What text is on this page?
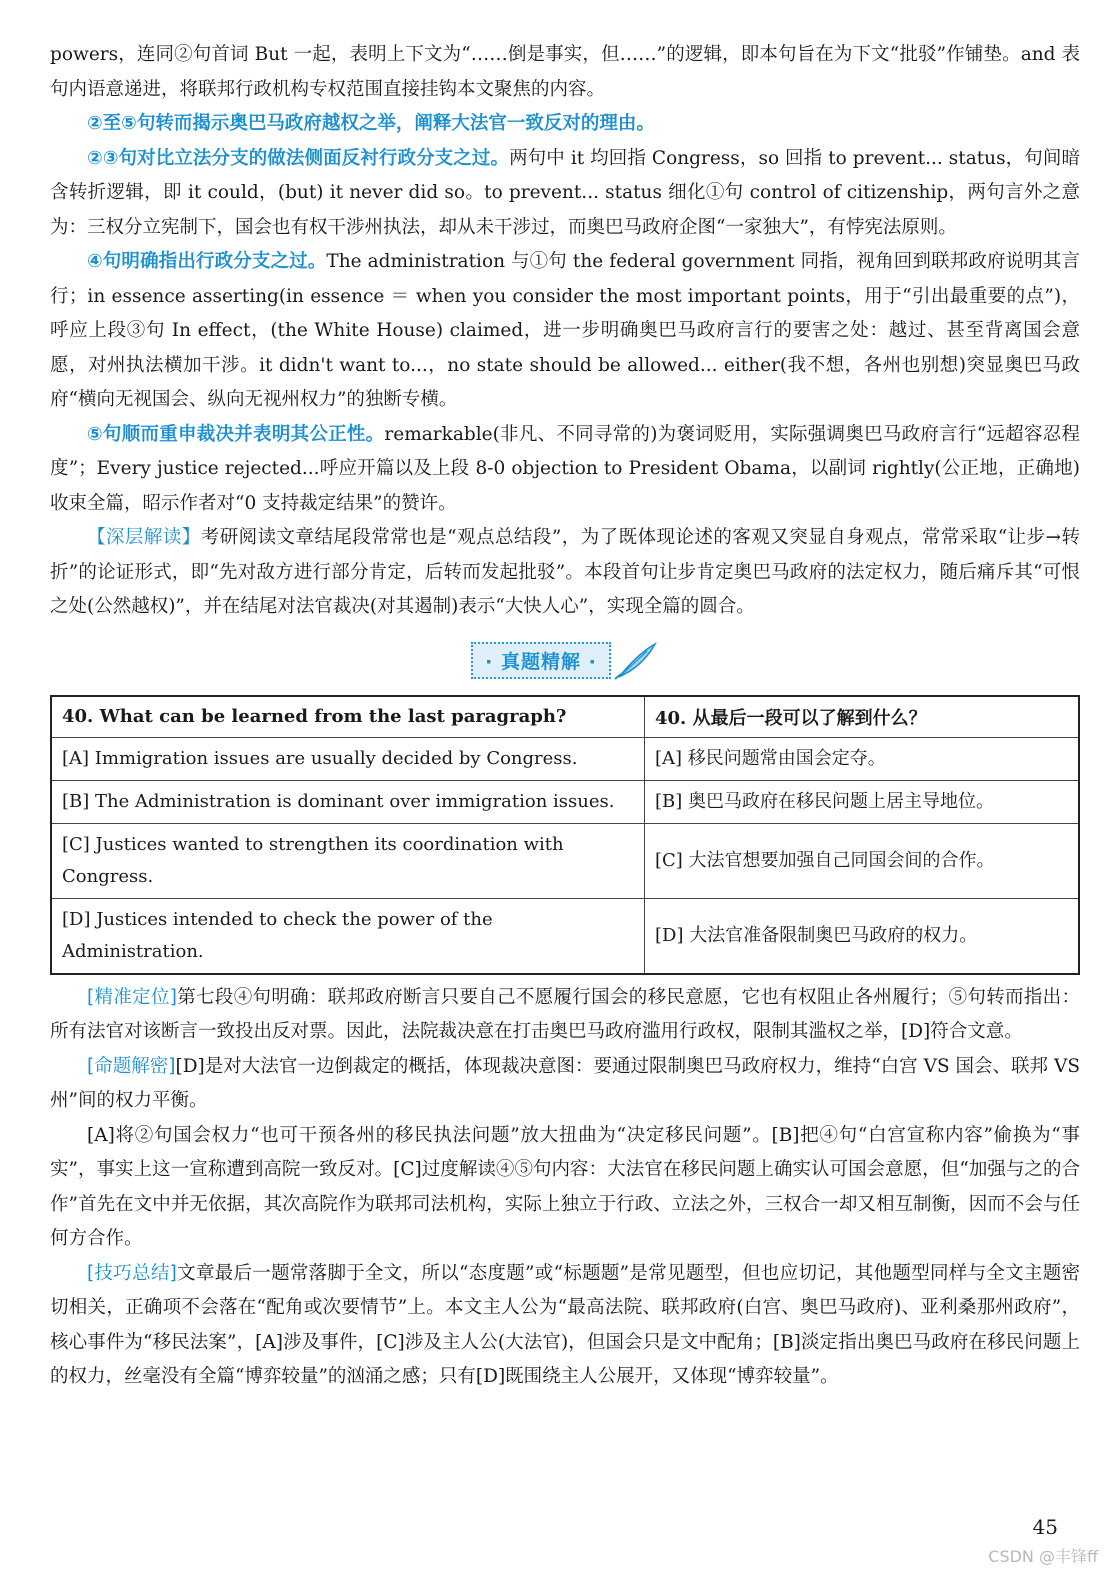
powers，连同②句首词 But 一起，表明上下文为“……倒是事实，但……”的逻辑，即本句旨在为下文“批驳”作铺垫。and 表句内语意递进，将联邦行政机构专权范围直接挂钩本文聚焦的内容。

②至⑤句转而揭示奥巴马政府越权之举，阐释大法官一致反对的理由。

②③句对比立法分支的做法侧面反衬行政分支之过。两句中 it 均回指 Congress，so 回指 to prevent... status，句间暗含转折逻辑，即 it could，(but) it never did so。to prevent... status 细化①句 control of citizenship，两句言外之意为：三权分立宪制下，国会也有权干涉州执法，却从未干涉过，而奥巴马政府企图“一家独大”，有悖宪法原则。

④句明确指出行政分支之过。The administration 与①句 the federal government 同指，视角回到联邦政府说明其言行；in essence asserting(in essence ＝ when you consider the most important points，用于“引出最重要的点”)，呼应上段③句 In effect，(the White House) claimed，进一步明确奥巴马政府言行的要害之处：越过、甚至背离国会意愿，对州执法横加干涉。it didn't want to...，no state should be allowed... either(我不想，各州也别想)突显奥巴马政府“横向无视国会、纵向无视州权力”的独断专横。

⑤句顺而重申裁决并表明其公正性。remarkable(非凡、不同寻常的)为褒词贬用，实际强调奥巴马政府言行“远超容忍程度”；Every justice rejected...呼应开篇以及上段 8-0 objection to President Obama，以副词 rightly(公正地，正确地)收束全篇，昭示作者对“0 支持裁定结果”的赞许。

【深层解读】考研阅读文章结尾段常常也是“观点总结段”，为了既体现论述的客观又突显自身观点，常常采取“让步→转折”的论证形式，即“先对敌方进行部分肯定，后转而发起批驳”。本段首句让步肯定奥巴马政府的法定权力，随后痛斥其“可恨之处(公然越权)”，并在结尾对法官裁决(对其遏制)表示“大快人心”，实现全篇的圆合。

· 真题精解 ·
40. What can be learned from the last paragraph?	40. 从最后一段可以了解到什么？
[A] Immigration issues are usually decided by Congress.	[A] 移民问题常由国会定夺。
[B] The Administration is dominant over immigration issues.	[B] 奥巴马政府在移民问题上居主导地位。
[C] Justices wanted to strengthen its coordination with Congress.	[C] 大法官想要加强自己同国会间的合作。
[D] Justices intended to check the power of the Administration.	[D] 大法官准备限制奥巴马政府的权力。

[精准定位]第七段④句明确：联邦政府断言只要自己不愿履行国会的移民意愿，它也有权阻止各州履行；⑤句转而指出：所有法官对该断言一致投出反对票。因此，法院裁决意在打击奥巴马政府滥用行政权，限制其滥权之举，[D]符合文意。

[命题解密][D]是对大法官一边倒裁定的概括，体现裁决意图：要通过限制奥巴马政府权力，维持“白宫 VS 国会、联邦 VS 州”间的权力平衡。

[A]将②句国会权力“也可干预各州的移民执法问题”放大扭曲为“决定移民问题”。[B]把④句“白宫宣称内容”偷换为“事实”，事实上这一宣称遭到高院一致反对。[C]过度解读④⑤句内容：大法官在移民问题上确实认可国会意愿，但“加强与之的合作”首先在文中并无依据，其次高院作为联邦司法机构，实际上独立于行政、立法之外，三权合一却又相互制衡，因而不会与任何方合作。

[技巧总结]文章最后一题常落脚于全文，所以“态度题”或“标题题”是常见题型，但也应切记，其他题型同样与全文主题密切相关，正确项不会落在“配角或次要情节”上。本文主人公为“最高法院、联邦政府(白宫、奥巴马政府)、亚利桑那州政府”，核心事件为“移民法案”，[A]涉及事件，[C]涉及主人公(大法官)，但国会只是文中配角；[B]淡定指出奥巴马政府在移民问题上的权力，丝毫没有全篇“博弈较量”的汹涌之感；只有[D]既围绕主人公展开，又体现“博弈较量”。

45
CSDN @丰锋ff
